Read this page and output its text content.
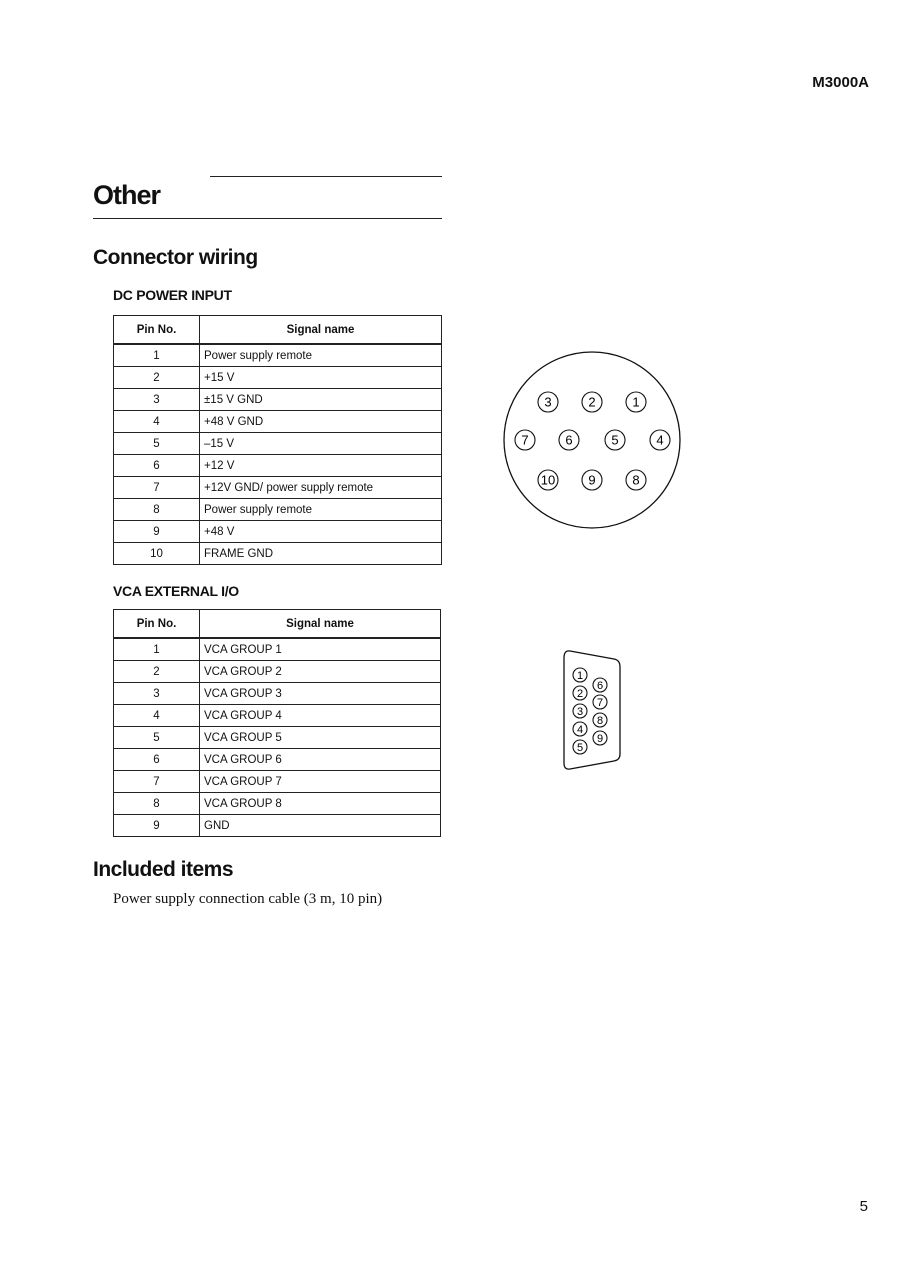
M3000A
Other
Connector wiring
DC POWER INPUT
Pin No.	Signal name
1	Power supply remote
2	+15 V
3	±15 V GND
4	+48 V GND
5	–15 V
6	+12 V
7	+12V GND/ power supply remote
8	Power supply remote
9	+48 V
10	FRAME GND
3	2	1
7	6	5	4
10	9	8
VCA EXTERNAL I/O
Pin No.	Signal name
1	VCA GROUP 1
2	VCA GROUP 2
3	VCA GROUP 3
4	VCA GROUP 4
5	VCA GROUP 5
6	VCA GROUP 6
7	VCA GROUP 7
8	VCA GROUP 8
9	GND
1
6
2
7
3
8
4
9
5
Included items
Power supply connection cable (3 m, 10 pin)
5
